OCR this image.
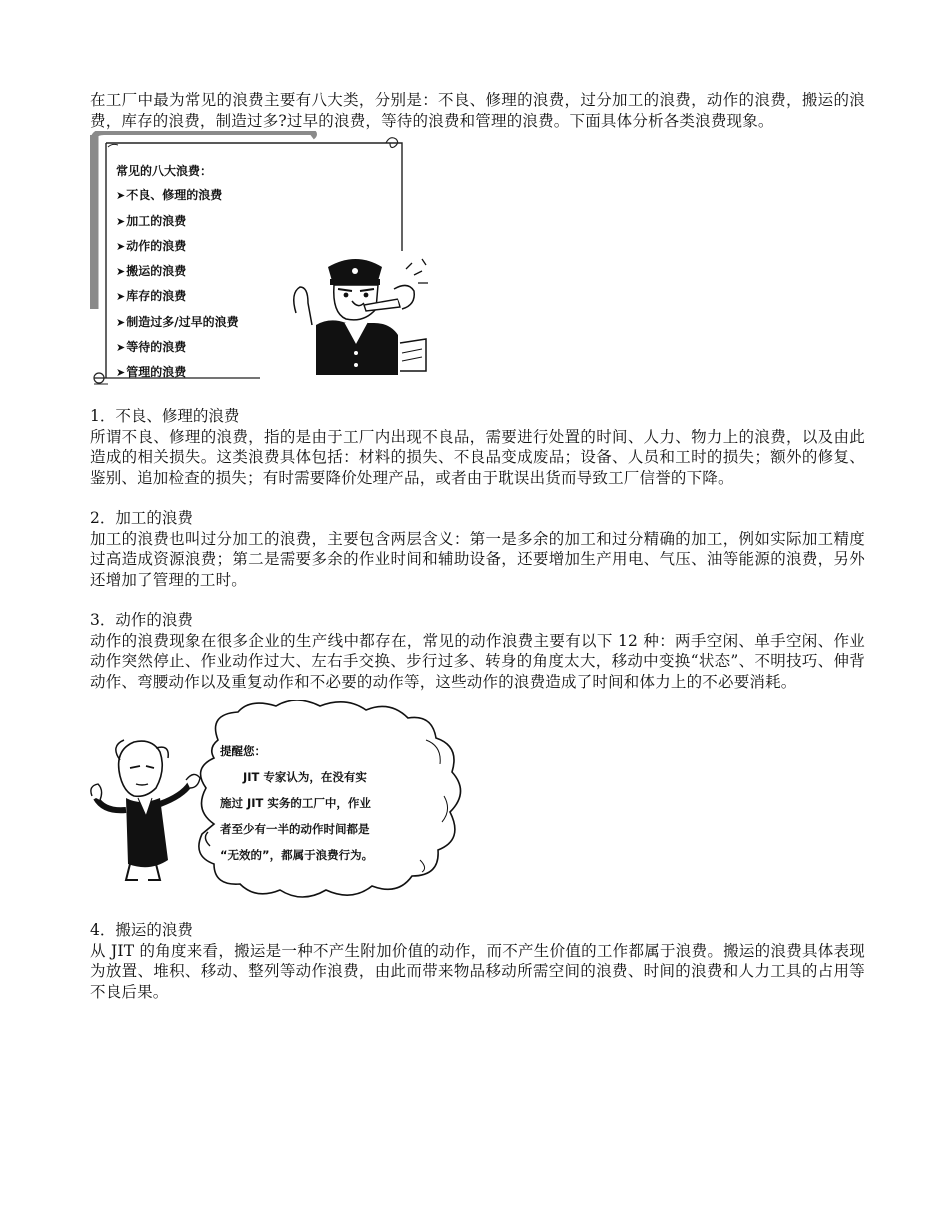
在工厂中最为常见的浪费主要有八大类，分别是：不良、修理的浪费，过分加工的浪费，动作的浪费，搬运的浪费，库存的浪费，制造过多?过早的浪费，等待的浪费和管理的浪费。下面具体分析各类浪费现象。

常见的八大浪费：
➤不良、修理的浪费
➤加工的浪费
➤动作的浪费
➤搬运的浪费
➤库存的浪费
➤制造过多/过早的浪费
➤等待的浪费
➤管理的浪费

1．不良、修理的浪费

所谓不良、修理的浪费，指的是由于工厂内出现不良品，需要进行处置的时间、人力、物力上的浪费，以及由此造成的相关损失。这类浪费具体包括：材料的损失、不良品变成废品；设备、人员和工时的损失；额外的修复、鉴别、追加检查的损失；有时需要降价处理产品，或者由于耽误出货而导致工厂信誉的下降。

2．加工的浪费

加工的浪费也叫过分加工的浪费，主要包含两层含义：第一是多余的加工和过分精确的加工，例如实际加工精度过高造成资源浪费；第二是需要多余的作业时间和辅助设备，还要增加生产用电、气压、油等能源的浪费，另外还增加了管理的工时。

3．动作的浪费

动作的浪费现象在很多企业的生产线中都存在，常见的动作浪费主要有以下 12 种：两手空闲、单手空闲、作业动作突然停止、作业动作过大、左右手交换、步行过多、转身的角度太大，移动中变换“状态”、不明技巧、伸背动作、弯腰动作以及重复动作和不必要的动作等，这些动作的浪费造成了时间和体力上的不必要消耗。

提醒您：
　　JIT 专家认为，在没有实
施过 JIT 实务的工厂中，作业
者至少有一半的动作时间都是
“无效的”，都属于浪费行为。

4．搬运的浪费

从 JIT 的角度来看，搬运是一种不产生附加价值的动作，而不产生价值的工作都属于浪费。搬运的浪费具体表现为放置、堆积、移动、整列等动作浪费，由此而带来物品移动所需空间的浪费、时间的浪费和人力工具的占用等不良后果。
